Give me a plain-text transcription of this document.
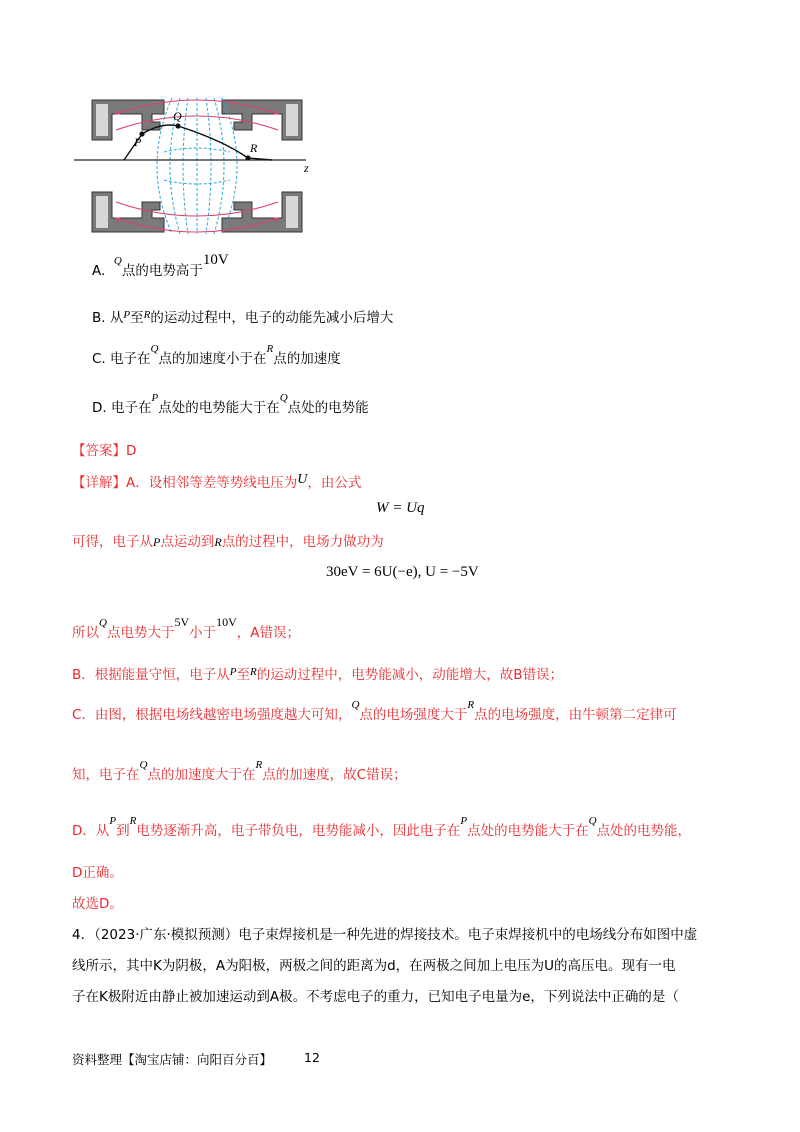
z
P
Q
R
A.  $^Q$点的电势高于10V
B. 从$^P$至$^R$的运动过程中，电子的动能先减小后增大
C. 电子在$^Q$点的加速度小于在$^R$点的加速度
D. 电子在$^P$点处的电势能大于在$^Q$点处的电势能
【答案】D
【详解】A．设相邻等差等势线电压为U，由公式
W = Uq
可得，电子从P点运动到R点的过程中，电场力做功为
30eV = 6U(−e), U = −5V
所以$^Q$点电势大于5V小于10V，A错误；
B．根据能量守恒，电子从$^P$至$^R$的运动过程中，电势能减小，动能增大，故B错误；
C．由图，根据电场线越密电场强度越大可知，$^Q$点的电场强度大于$^R$点的电场强度，由牛顿第二定律可
知，电子在$^Q$点的加速度大于在$^R$点的加速度，故C错误；
D．从$^P$到$^R$电势逐渐升高，电子带负电，电势能减小，因此电子在$^P$点处的电势能大于在$^Q$点处的电势能，
D正确。
故选D。
4．（2023·广东·模拟预测）电子束焊接机是一种先进的焊接技术。电子束焊接机中的电场线分布如图中虚
线所示，其中K为阴极，A为阳极，两极之间的距离为d，在两极之间加上电压为U的高压电。现有一电
子在K极附近由静止被加速运动到A极。不考虑电子的重力，已知电子电量为e，下列说法中正确的是（
资料整理【淘宝店铺：向阳百分百】	12
